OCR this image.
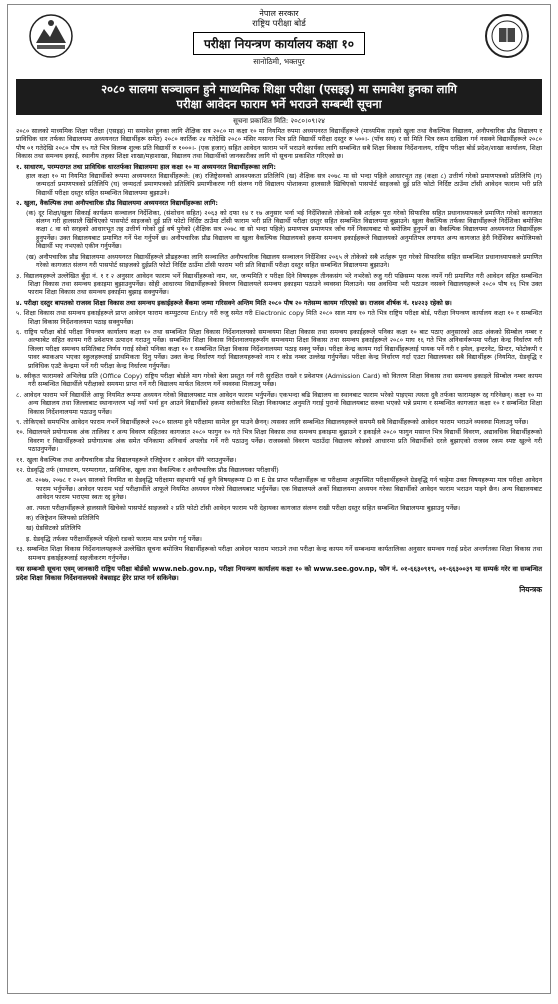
नेपाल सरकार
राष्ट्रिय परीक्षा बोर्ड
परीक्षा नियन्त्रण कार्यालय कक्षा १०
सानोठिमी, भक्तपुर
२०८० सालमा सञ्चालन हुने माध्यमिक शिक्षा परीक्षा (एसइइ) मा समावेश हुनका लागि
परीक्षा आवेदन फाराम भर्ने भराउने सम्बन्धी सूचना
सूचना प्रकाशित मिति: २०८०।०९।२४

२०८० सालको माध्यमिक शिक्षा परीक्षा (एसइइ) मा समावेश हुनका लागि शैक्षिक सत्र २०८० मा कक्षा १० मा नियमित रुपमा अध्ययनरत विद्यार्थीहरूले (माध्यमिक तहको खुला तथा वैकल्पिक विद्यालय, अनौपचारिक प्रौढ विद्यालय र प्राविधिक धार तर्फका विद्यालयमा अध्ययनरत विद्यार्थीहरू समेत) २०८० कार्तिक २४ गतेदेखि २०८० मंसिर मसान्त भित्र प्रति विद्यार्थी परीक्षा दस्तुर रु ५००।- (पाँच सय) र सो मिति भित्र रकम दाखिला गर्न नसक्ने विद्यार्थीहरूले २०८० पौष ०१ गतेदेखि २०८० पौष १५ गते भित्र विलम्ब शुल्क प्रति विद्यार्थी रु १०००।- (एक हजार) सहित आवेदन फाराम भर्ने भराउने कार्यका लागि सम्बन्धित सबै शिक्षा विकास निर्देशनालय, राष्ट्रिय परीक्षा बोर्ड प्रदेश/शाखा कार्यालय, शिक्षा विकास तथा समन्वय इकाई, स्थानीय तहका शिक्षा शाखा/महाशाखा, विद्यालय तथा विद्यार्थीको जानकारीका लागि यो सूचना प्रकाशित गरिएको छ।

१. साधारण, परम्परागत तथा प्राविधिक धारतर्फका विद्यालयमा हाल कक्षा १० मा अध्ययनरत विद्यार्थीहरूका लागि:

हाल कक्षा १० मा नियमित विद्यार्थीको रूपमा अध्ययनरत विद्यार्थीहरूले: (क) रजिष्ट्रेसनको आवश्यकता प्रतिलिपि (ख) शैक्षिक सत्र २०७८ मा सो भन्दा पहिले आधारभूत तह (कक्षा ८) उत्तीर्ण गरेको प्रमाणपत्रको प्रतिलिपि (ग) जन्मदर्ता प्रमाणपत्रको प्रतिलिपि (घ) जन्मदर्ता प्रमाणपत्रको प्रतिलिपि प्रमाणीकरण गरी संलग्न गरी विद्यालय पोशाकमा हालसालै खिचिएको पासपोर्ट साइजको दुई प्रति फोटो निर्दिष्ट ठाउँमा टाँसी आवेदन फाराम भरी प्रति विद्यार्थी परीक्षा दस्तुर सहित सम्बन्धित विद्यालयमा बुझाउने।

२. खुला, वैकल्पिक तथा अनौपचारिक प्रौढ विद्यालयमा अध्ययनरत विद्यार्थीहरूका लागि:

(क) दूर शिक्षा/खुला सिकाई कार्यक्रम सञ्चालन निर्देशिका, (संशोधन सहित) २०६३ को दफा १४ र १७ अनुसार भर्ना भई निर्देशिकाले तोकेको सबै शर्तहरू पूरा गरेको सिफारिस सहित प्रधानाध्यापकले प्रमाणित गरेको कागजात संलग्न गरी हालसालै खिचिएको पासपोर्ट साइजको दुई प्रति फोटो निर्दिष्ट ठाउँमा टाँसी फाराम भरी प्रति विद्यार्थी परीक्षा दस्तुर सहित सम्बन्धित विद्यालयमा बुझाउने। खुला वैकल्पिक तर्फका विद्यार्थीहरूले निर्देशिका बमोजिम कक्षा ८ वा सो सरहको आधारभूत तह उत्तीर्ण गरेको दुई वर्ष पुगेको (शैक्षिक सत्र २०७८ वा सो भन्दा पहिले) प्रमाणपत्र प्रमाणपत्र जाँच गर्ने निकायबाट यो बमोजिम हुनुपर्ने छ। वैकल्पिक विद्यालयमा अध्ययनरत विद्यार्थीहरू हुनुपर्नेछ। उक्त विद्यालयबाट प्रमाणित गर्ने पेश गर्नुपर्ने छ। अनौपचारिक प्रौढ विद्यालय वा खुला वैकल्पिक विद्यालयको हकमा समन्वय इकाईहरूले विद्यालयको अनुमतिपत्र लगायत अन्य कागजात हेरी निर्देशिका बमोजिमको विद्यार्थी भए नभएको एकीन गर्नुपर्नेछ।

(ख) अनौपचारिक प्रौढ विद्यालयमा अध्ययनरत विद्यार्थीहरूले प्रौढहरूका लागि सञ्चालित अनौपचारिक विद्यालय सञ्चालन निर्देशिका २०६५ ले तोकेको सबै शर्तहरू पूरा गरेको सिफारिस सहित सम्बन्धित प्रधानाध्यापकले प्रमाणित गरेको कागजात संलग्न गरी पासपोर्ट साइजको दुईप्रति फोटो निर्दिष्ट ठाउँमा टाँसी फाराम भरी प्रति विद्यार्थी परीक्षा दस्तुर सहित सम्बन्धित विद्यालयमा बुझाउने।

३. विद्यालयहरूले उल्लेखित बुँदा नं. १ र २ अनुसार आवेदन फाराम भर्ने विद्यार्थीहरूको नाम, थर, जन्ममिति र परीक्षा दिने विषयहरू तीनकसंग भरे नभरेको रुजु गरी पछिसम्म फरक नपर्ने गरी प्रमाणित गरी आवेदन सहित सम्बन्धित शिक्षा विकास तथा समन्वय इकाइमा बुझाउनुपर्नेछ। सोही आधारमा विद्यार्थीहरूको विवरण विद्यालयले समन्वय इकाइमा पठाउने व्यवस्था मिलाउने। यस अवधिमा भरी पठाउन नसक्ने विद्यालयहरूले २०८० पौष १६ भित्र उक्त फाराम शिक्षा विकास तथा समन्वय इकाईमा बुझाइ सक्नुपर्नेछ।

४. परीक्षा दस्तुर बापतको राजस्व शिक्षा विकास तथा समन्वय इकाईहरूले बैंकमा जम्मा गरिसक्ने अन्तिम मिति २०८० पौष २० गतेसम्म कायम गरिएको छ। राजस्व शीर्षक नं. १४२२३ रहेको छ।

५. शिक्षा विकास तथा समन्वय इकाईहरूले प्राप्त आवेदन फाराम कम्प्युटरमा Entry गरी रुजु समेत गरी Electronic copy मिति २०८० साल माघ १० गते भित्र राष्ट्रिय परीक्षा बोर्ड, परीक्षा नियन्त्रण कार्यालय कक्षा १० र सम्बन्धित शिक्षा विकास निर्देशनालयमा पठाइ सक्नुपर्नेछ।

६. राष्ट्रिय परीक्षा बोर्ड परीक्षा नियन्त्रण कार्यालय कक्षा १० तथा सम्बन्धित शिक्षा विकास निर्देशनालयको समन्वयमा शिक्षा विकास तथा समन्वय इकाईहरूले पनिका कक्षा १० बाट पठाए अनुसारको आठ अंकको सिम्बोल नम्बर र अल्फाबेट सहित कायम गरी प्रवेशपत्र उत्पादन गराउनु पर्नेछ। सम्बन्धित शिक्षा विकास निर्देशनालयहरूसँग समन्वयमा शिक्षा विकास तथा समन्वय इकाईहरूले २०८० माघ १६ गते भित्र अनिवार्यरूपमा परीक्षा केन्द्र निर्धारण गरी जिल्ला परीक्षा समन्वय समितिबाट निर्णय गराई सोको पनिका कक्षा १० र सम्बन्धित शिक्षा विकास निर्देशनालयमा पठाइ सक्नु पर्नेछ। परीक्षा केन्द्र कायम गर्दा विद्यार्थीहरूलाई पायक पर्ने गरी र इमेल, इन्टरनेट, प्रिन्टर, फोटोकपी र पावर ब्याकअप भएका स्कुलहरूलाई प्राथमिकता दिनु पर्नेछ। उक्त केन्द्र निर्धारण गर्दा विद्यालयहरूको नाम र कोड नम्बर उल्लेख गर्नुपर्नेछ। परीक्षा केन्द्र निर्धारण गर्दा एउटा विद्यालयका सबै विद्यार्थीहरू (नियमित, ग्रेडवृद्धि र प्राविधिक एउटै केन्द्रमा पर्ने गरी परीक्षा केन्द्र निर्धारण गर्नुपर्नेछ।

७. स्वीकृत फारामको अभिलेख प्रति (Office Copy) राष्ट्रिय परीक्षा बोर्डले माग गरेको बेला प्रस्तुत गर्न गरी सुरक्षित राख्ने र प्रवेशपत्र (Admission Card) को वितरण शिक्षा विकास तथा समन्वय इकाइले सिम्बोल नम्बर कायम गरी सम्बन्धित विद्यार्थीले परीक्षाको समयमा प्राप्त गर्ने गरी विद्यालय मार्फत वितरण गर्ने व्यवस्था मिलाउनु पर्नेछ।

८. आवेदन फाराम भर्ने विद्यार्थीले आफू नियमित रूपमा अध्ययन गरेको विद्यालयबाट मात्र आवेदन फाराम भर्नुपर्नेछ। एकभन्दा बढि विद्यालय वा स्थानबाट फाराम भरेको पाइएमा त्यस्ता दुवै तर्फका फारामहरू रद्द गरिनेछन्। कक्षा १० मा अन्य विद्यालय तथा जिल्लाबाट स्थानान्तरण भई नयाँ भर्ना हुन आउने विद्यार्थीको हकमा सरोकारित शिक्षा निकायबाट अनुमति गराई पुरानो विद्यालयबाट सरुवा भएको भन्ने प्रमाण र सम्बन्धित कागजात कक्षा १० र सम्बन्धित शिक्षा विकास निर्देशनालयमा पठाउनु पर्नेछ।

९. तोकिएको समयभित्र आवेदन फाराम नभर्ने विद्यार्थीहरूले २०८० सालमा हुने परीक्षामा सामेल हुन पाउने छैनन्। त्यसका लागि सम्बन्धित विद्यालयहरूले समयमै सबै विद्यार्थीहरूको आवेदन फाराम भराउने व्यवस्था मिलाउनु पर्नेछ।

१०. विद्यालयले प्रयोगात्मक अंक तालिका र अन्य विवरण सहितका कागजात २०८० फागुन १० गते भित्र शिक्षा विकास तथा समन्वय इकाइमा बुझाउने र इकाईले २०८० फागुन मसान्त भित्र विद्यार्थी विवरण, अद्यावधिक विद्यार्थीहरूको विवरण र विद्यार्थीहरूको प्रयोगात्मक अंक समेत पनिकामा अनिवार्य अपलोड गर्ने गरी पठाउनु पर्नेछ। राजस्वको विवरण पठाउँदा विद्यालय कोडको आधारमा प्रति विद्यार्थीको दरले बुझाएको राजस्व रकम स्पष्ट खुल्ने गरी पठाउनुपर्नेछ।

११. खुला वैकल्पिक तथा अनौपचारिक प्रौढ विद्यालयहरूले रजिष्ट्रेशन र आवेदन सँगै भराउनुपर्नेछ।

१२. ग्रेडवृद्धि तर्फ (साधारण, परम्परागत, प्राविधिक, खुला तथा वैकल्पिक र अनौपचारिक प्रौढ विद्यालयका परीक्षार्थी)

अ. २०७७, २०७८ र २०७९ सालको नियमित वा ग्रेडवृद्धि परीक्षामा सहभागी भई कुनै विषयहरूमा D वा E ग्रेड प्राप्त परीक्षार्थीहरू वा परीक्षामा अनुपस्थित परीक्षार्थीहरूले ग्रेडवृद्धि गर्न चाहेमा उक्त विषयहरूमा मात्र परीक्षा आवेदन फाराम भर्नुपर्नेछ। आवेदन फाराम भर्दा परीक्षार्थीले आफूले नियमित अध्ययन गरेको विद्यालयबाट भर्नुपर्नेछ। एक विद्यालयले अर्को विद्यालयमा अध्ययन गरेका विद्यार्थीको आवेदन फाराम भराउन पाइने छैन। अन्य विद्यालयबाट आवेदन फाराम भराएमा स्वतः रद्द हुनेछ।

आ. त्यस्ता परीक्षार्थीहरूले हालसालै खिचेको पासपोर्ट साइजको २ प्रति फोटो टाँसी आवेदन फाराम भरी देहायका कागजात संलग्न राखी परीक्षा दस्तुर सहित सम्बन्धित विद्यालयमा बुझाउनु पर्नेछ।

क) रजिष्ट्रेशन स्लिपको प्रतिलिपि

ख) ग्रेडसिटको प्रतिलिपि

इ. ग्रेडवृद्धि तर्फका परीक्षार्थीहरूले पहिलो रङको फाराम मात्र प्रयोग गर्नु पर्नेछ।

१३. सम्बन्धित शिक्षा विकास निर्देशनालयहरूले उल्लेखित सूचना बमोजिम विद्यार्थीहरूको परीक्षा आवेदन फाराम भराउने तथा परीक्षा केन्द्र कायम गर्ने सम्बन्धमा कार्यतालिका अनुसार समन्वय गराई प्रदेश अन्तर्गतका शिक्षा विकास तथा समन्वय इकाईहरूलाई सहजीकरण गर्नुपर्नेछ।

यस सम्बन्धी सूचना एवम् जानकारी राष्ट्रिय परीक्षा बोर्डको www.neb.gov.np, परीक्षा नियन्त्रण कार्यालय कक्षा १० को www.see.gov.np, फोन नं. ०१-६६३०९१९, ०१-६६३००३९ मा सम्पर्क गरेर वा सम्बन्धित प्रदेश शिक्षा विकास निर्देशनालयको वेबसाइट हेरेर प्राप्त गर्न सकिनेछ।
नियन्त्रक
